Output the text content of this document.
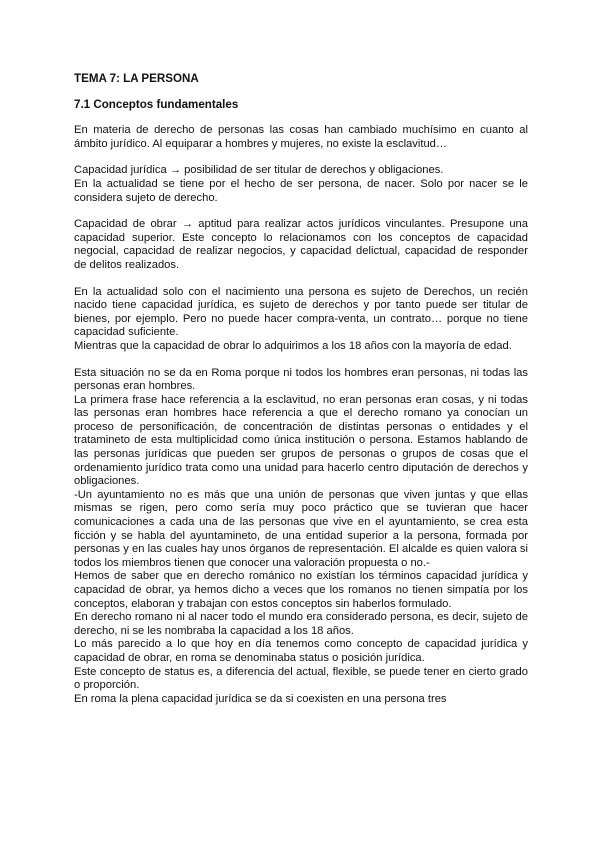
TEMA 7: LA PERSONA

7.1 Conceptos fundamentales

En materia de derecho de personas las cosas han cambiado muchísimo en cuanto al ámbito jurídico. Al equiparar a hombres y mujeres, no existe la esclavitud…

Capacidad jurídica → posibilidad de ser titular de derechos y obligaciones.

En la actualidad se tiene por el hecho de ser persona, de nacer. Solo por nacer se le considera sujeto de derecho.

Capacidad de obrar → aptitud para realizar actos jurídicos vinculantes. Presupone una capacidad superior. Este concepto lo relacionamos con los conceptos de capacidad negocial, capacidad de realizar negocios, y capacidad delictual, capacidad de responder de delitos realizados.

En la actualidad solo con el nacimiento una persona es sujeto de Derechos, un recién nacido tiene capacidad jurídica, es sujeto de derechos y por tanto puede ser titular de bienes, por ejemplo. Pero no puede hacer compra-venta, un contrato… porque no tiene capacidad suficiente.

Mientras que la capacidad de obrar lo adquirimos a los 18 años con la mayoría de edad.

Esta situación no se da en Roma porque ni todos los hombres eran personas, ni todas las personas eran hombres.

La primera frase hace referencia a la esclavitud, no eran personas eran cosas, y ni todas las personas eran hombres hace referencia a que el derecho romano ya conocían un proceso de personificación, de concentración de distintas personas o entidades y el tratamineto de esta multiplicidad como única institución o persona. Estamos hablando de las personas jurídicas que pueden ser grupos de personas o grupos de cosas que el ordenamiento jurídico trata como una unidad para hacerlo centro diputación de derechos y obligaciones.

-Un ayuntamiento no es más que una unión de personas que viven juntas y que ellas mismas se rigen, pero como sería muy poco práctico que se tuvieran que hacer comunicaciones a cada una de las personas que vive en el ayuntamiento, se crea esta ficción y se habla del ayuntamineto, de una entidad superior a la persona, formada por personas y en las cuales hay unos órganos de representación. El alcalde es quien valora si todos los miembros tienen que conocer una valoración propuesta o no.-

Hemos de saber que en derecho románico no existían los términos capacidad jurídica y capacidad de obrar, ya hemos dicho a veces que los romanos no tienen simpatía por los conceptos, elaboran y trabajan con estos conceptos sin haberlos formulado.

En derecho romano ni al nacer todo el mundo era considerado persona, es decir, sujeto de derecho, ni se les nombraba la capacidad a los 18 años.

Lo más parecido a lo que hoy en día tenemos como concepto de capacidad jurídica y capacidad de obrar, en roma se denominaba status o posición jurídica.

Este concepto de status es, a diferencia del actual, flexible, se puede tener en cierto grado o proporción.

En roma la plena capacidad jurídica se da si coexisten en una persona tres
